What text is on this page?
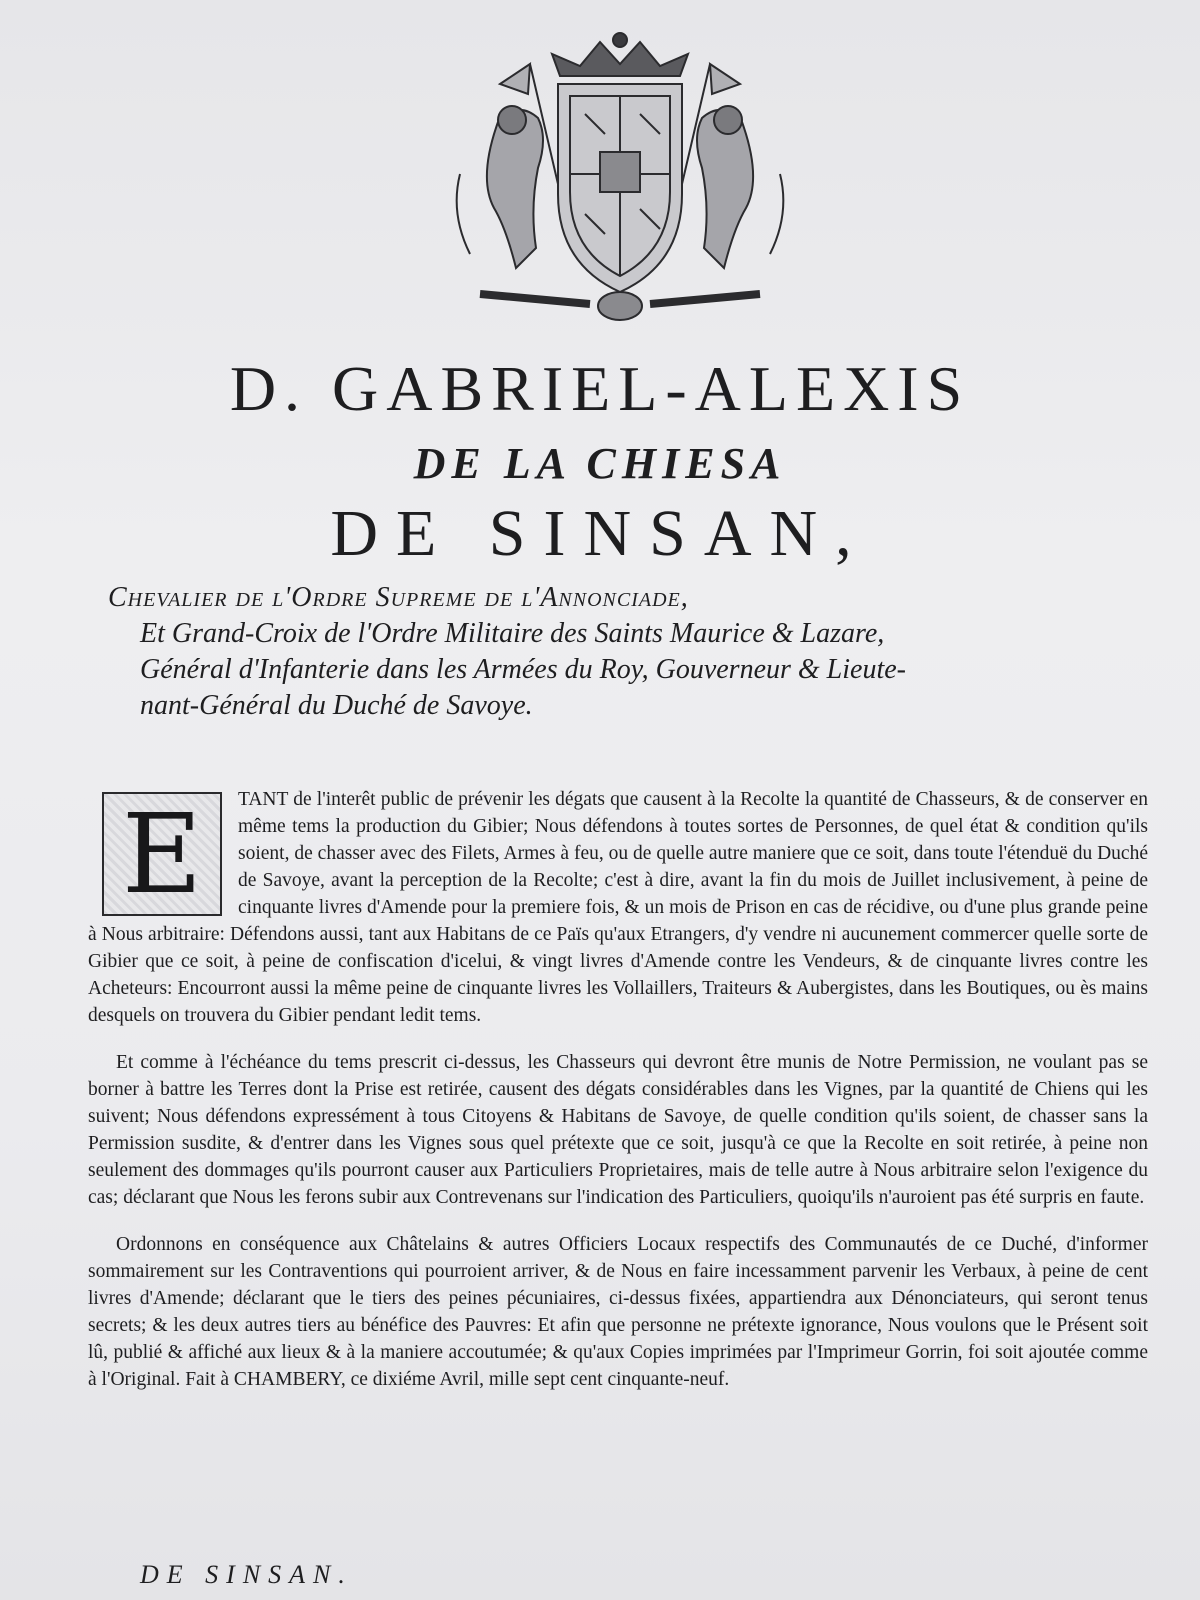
D. GABRIEL-ALEXIS
DE LA CHIESA
DE SINSAN,
Chevalier de l'Ordre Supreme de l'Annonciade,
Et Grand-Croix de l'Ordre Militaire des Saints Maurice & Lazare,
Général d'Infanterie dans les Armées du Roy, Gouverneur & Lieute-
nant-Général du Duché de Savoye.
E	TANT de l'interêt public de prévenir les dégats que causent à la Recolte la quantité de Chasseurs, & de conserver en même tems la production du Gibier; Nous défendons à toutes sortes de Personnes, de quel état & condition qu'ils soient, de chasser avec des Filets, Armes à feu, ou de quelle autre maniere que ce soit, dans toute l'étenduë du Duché de Savoye, avant la perception de la Recolte; c'est à dire, avant la fin du mois de Juillet inclusivement, à peine de cinquante livres d'Amende pour la premiere fois, & un mois de Prison en cas de récidive, ou d'une plus grande peine à Nous arbitraire: Défendons aussi, tant aux Habitans de ce Païs qu'aux Etrangers, d'y vendre ni aucunement commercer quelle sorte de Gibier que ce soit, à peine de confiscation d'icelui, & vingt livres d'Amende contre les Vendeurs, & de cinquante livres contre les Acheteurs: Encourront aussi la même peine de cinquante livres les Vollaillers, Traiteurs & Aubergistes, dans les Boutiques, ou ès mains desquels on trouvera du Gibier pendant ledit tems.

Et comme à l'échéance du tems prescrit ci-dessus, les Chasseurs qui devront être munis de Notre Permission, ne voulant pas se borner à battre les Terres dont la Prise est retirée, causent des dégats considérables dans les Vignes, par la quantité de Chiens qui les suivent; Nous défendons expressément à tous Citoyens & Habitans de Savoye, de quelle condition qu'ils soient, de chasser sans la Permission susdite, & d'entrer dans les Vignes sous quel prétexte que ce soit, jusqu'à ce que la Recolte en soit retirée, à peine non seulement des dommages qu'ils pourront causer aux Particuliers Proprietaires, mais de telle autre à Nous arbitraire selon l'exigence du cas; déclarant que Nous les ferons subir aux Contrevenans sur l'indication des Particuliers, quoiqu'ils n'auroient pas été surpris en faute.

Ordonnons en conséquence aux Châtelains & autres Officiers Locaux respectifs des Communautés de ce Duché, d'informer sommairement sur les Contraventions qui pourroient arriver, & de Nous en faire incessamment parvenir les Verbaux, à peine de cent livres d'Amende; déclarant que le tiers des peines pécuniaires, ci-dessus fixées, appartiendra aux Dénonciateurs, qui seront tenus secrets; & les deux autres tiers au bénéfice des Pauvres: Et afin que personne ne prétexte ignorance, Nous voulons que le Présent soit lû, publié & affiché aux lieux & à la maniere accoutumée; & qu'aux Copies imprimées par l'Imprimeur Gorrin, foi soit ajoutée comme à l'Original. Fait à CHAMBERY, ce dixiéme Avril, mille sept cent cinquante-neuf.

DE SINSAN.
